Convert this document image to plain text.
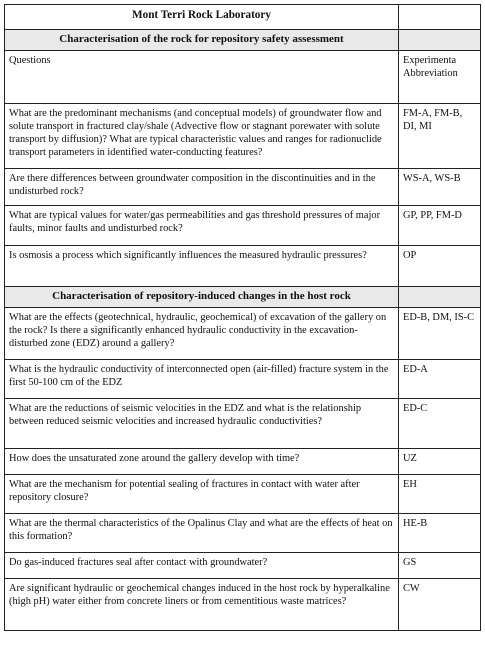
Mont Terri Rock Laboratory	
Characterisation of the rock for repository safety assessment	
Questions	Experimenta Abbreviation
What are the predominant mechanisms (and conceptual models) of groundwater flow and solute transport in fractured clay/shale (Advective flow or stagnant porewater with solute transport by diffusion)? What are typical characteristic values and ranges for radionuclide transport parameters in identified water-conducting features?	FM-A, FM-B, DI, MI
Are there differences between groundwater composition in the discontinuities and in the undisturbed rock?	WS-A, WS-B
What are typical values for water/gas permeabilities and gas threshold pressures of major faults, minor faults and undisturbed rock?	GP, PP, FM-D
Is osmosis a process which significantly influences the measured hydraulic pressures?	OP
Characterisation of repository-induced changes in the host rock	
What are the effects (geotechnical, hydraulic, geochemical) of excavation of the gallery on the rock? Is there a significantly enhanced hydraulic conductivity in the excavation-disturbed zone (EDZ) around a gallery?	ED-B, DM, IS-C
What is the hydraulic conductivity of interconnected open (air-filled) fracture system in the first 50-100 cm of the EDZ	ED-A
What are the reductions of seismic velocities in the EDZ and what is the relationship between reduced seismic velocities and increased hydraulic conductivities?	ED-C
How does the unsaturated zone around the gallery develop with time?	UZ
What are the mechanism for potential sealing of fractures in contact with water after repository closure?	EH
What are the thermal characteristics of the Opalinus Clay and what are the effects of heat on this formation?	HE-B
Do gas-induced fractures seal after contact with groundwater?	GS
Are significant hydraulic or geochemical changes induced in the host rock by hyperalkaline (high pH) water either from concrete liners or from cementitious waste matrices?	CW
